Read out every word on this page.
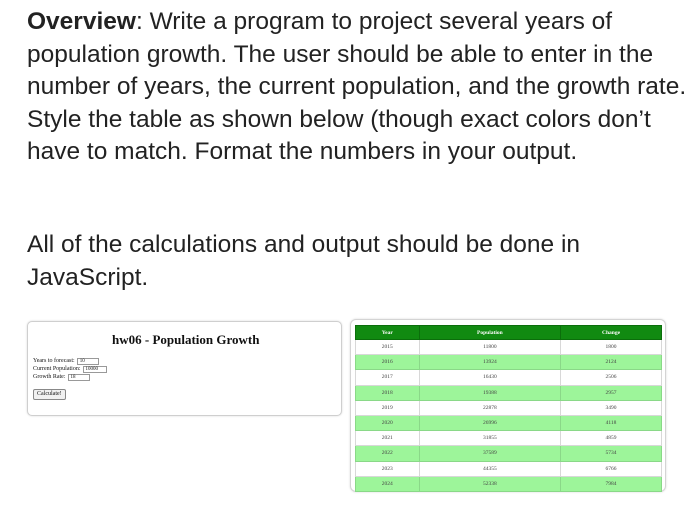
Overview: Write a program to project several years of population growth. The user should be able to enter in the number of years, the current population, and the growth rate. Style the table as shown below (though exact colors don’t have to match. Format the numbers in your output.

All of the calculations and output should be done in JavaScript.

hw06 - Population Growth
Years to forecast:	10
Current Population:	10000
Growth Rate:	18
Calculate!
Year	Population	Change
2015	11800	1800
2016	13924	2124
2017	16430	2506
2018	19388	2957
2019	22878	3490
2020	26996	4118
2021	31855	4859
2022	37589	5734
2023	44355	6766
2024	52338	7984
